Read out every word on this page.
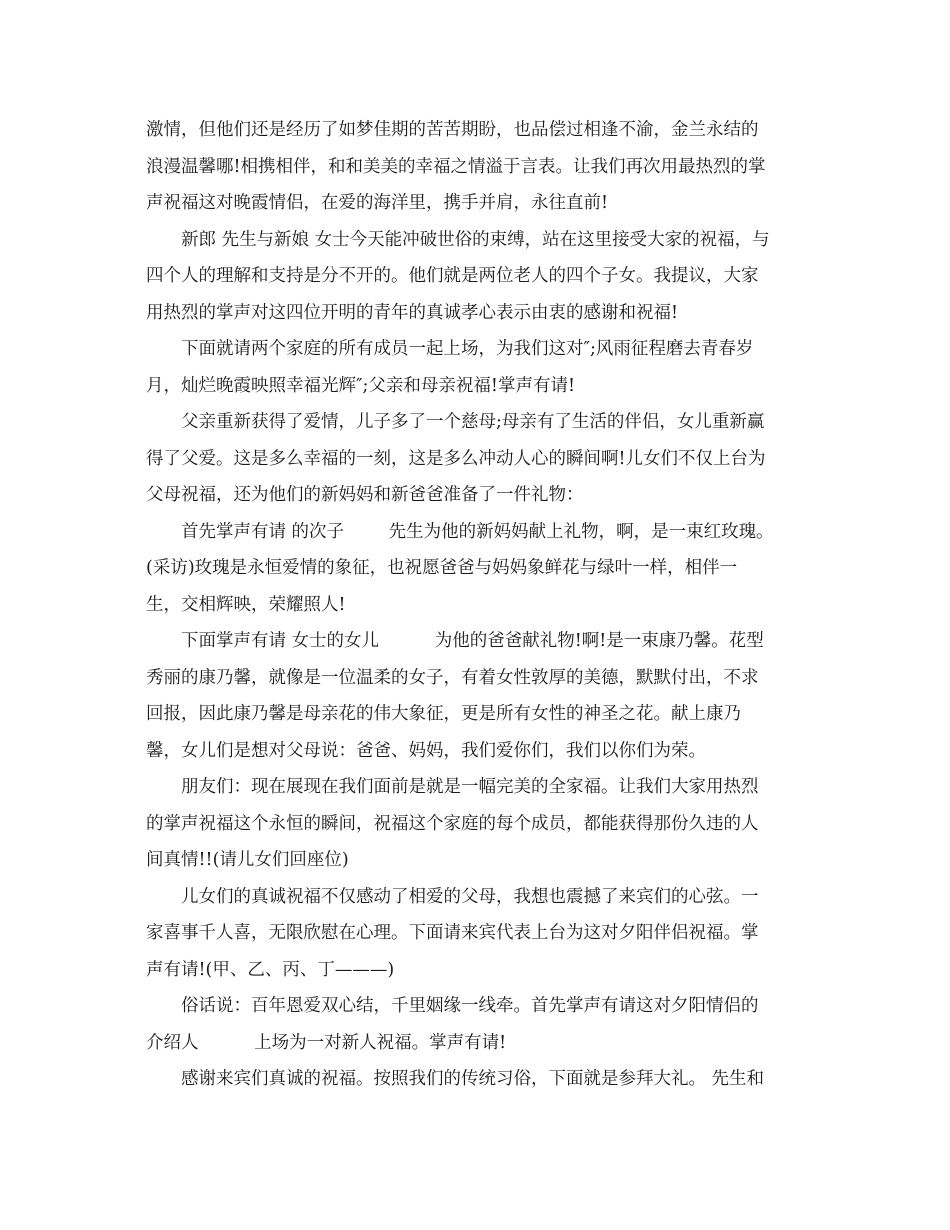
激情，但他们还是经历了如梦佳期的苦苦期盼，也品偿过相逢不渝，金兰永结的
浪漫温馨哪!相携相伴，和和美美的幸福之情溢于言表。让我们再次用最热烈的掌
声祝福这对晚霞情侣，在爱的海洋里，携手并肩，永往直前!
新郎 先生与新娘 女士今天能冲破世俗的束缚，站在这里接受大家的祝福，与
四个人的理解和支持是分不开的。他们就是两位老人的四个子女。我提议，大家
用热烈的掌声对这四位开明的青年的真诚孝心表示由衷的感谢和祝福!
下面就请两个家庭的所有成员一起上场，为我们这对″;风雨征程磨去青春岁
月，灿烂晚霞映照幸福光辉″;父亲和母亲祝福!掌声有请!
父亲重新获得了爱情，儿子多了一个慈母;母亲有了生活的伴侣，女儿重新赢
得了父爱。这是多么幸福的一刻，这是多么冲动人心的瞬间啊!儿女们不仅上台为
父母祝福，还为他们的新妈妈和新爸爸准备了一件礼物：
首先掌声有请 的次子        先生为他的新妈妈献上礼物，啊，是一束红玫瑰。
(采访)玫瑰是永恒爱情的象征，也祝愿爸爸与妈妈象鲜花与绿叶一样，相伴一
生，交相辉映，荣耀照人!
下面掌声有请 女士的女儿          为他的爸爸献礼物!啊!是一束康乃馨。花型
秀丽的康乃馨，就像是一位温柔的女子，有着女性敦厚的美德，默默付出，不求
回报，因此康乃馨是母亲花的伟大象征，更是所有女性的神圣之花。献上康乃
馨，女儿们是想对父母说：爸爸、妈妈，我们爱你们，我们以你们为荣。
朋友们：现在展现在我们面前是就是一幅完美的全家福。让我们大家用热烈
的掌声祝福这个永恒的瞬间，祝福这个家庭的每个成员，都能获得那份久违的人
间真情!!(请儿女们回座位)
儿女们的真诚祝福不仅感动了相爱的父母，我想也震撼了来宾们的心弦。一
家喜事千人喜，无限欣慰在心理。下面请来宾代表上台为这对夕阳伴侣祝福。掌
声有请!(甲、乙、丙、丁———)
俗话说：百年恩爱双心结，千里姻缘一线牵。首先掌声有请这对夕阳情侣的
介绍人          上场为一对新人祝福。掌声有请!
感谢来宾们真诚的祝福。按照我们的传统习俗，下面就是参拜大礼。 先生和
